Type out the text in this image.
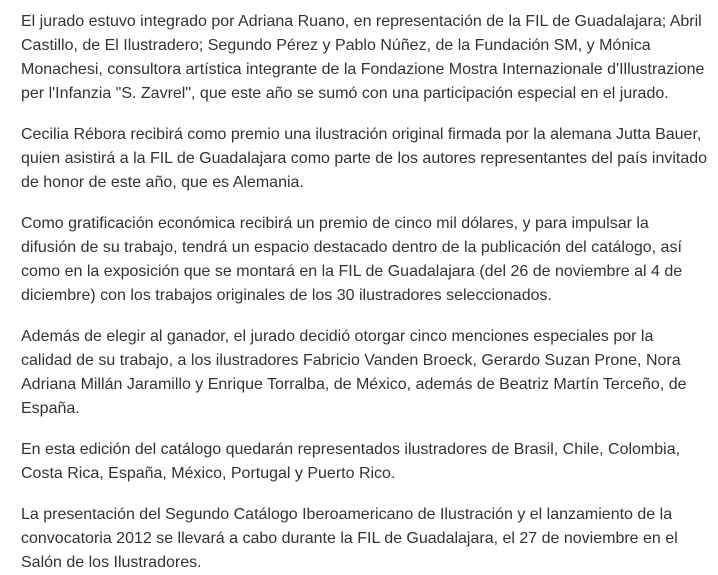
El jurado estuvo integrado por Adriana Ruano, en representación de la FIL de Guadalajara; Abril Castillo, de El Ilustradero; Segundo Pérez y Pablo Núñez, de la Fundación SM, y Mónica Monachesi, consultora artística integrante de la Fondazione Mostra Internazionale d'Illustrazione per l'Infanzia "S. Zavrel", que este año se sumó con una participación especial en el jurado.

Cecilia Rébora recibirá como premio una ilustración original firmada por la alemana Jutta Bauer, quien asistirá a la FIL de Guadalajara como parte de los autores representantes del país invitado de honor de este año, que es Alemania.

Como gratificación económica recibirá un premio de cinco mil dólares, y para impulsar la difusión de su trabajo, tendrá un espacio destacado dentro de la publicación del catálogo, así como en la exposición que se montará en la FIL de Guadalajara (del 26 de noviembre al 4 de diciembre) con los trabajos originales de los 30 ilustradores seleccionados.

Además de elegir al ganador, el jurado decidió otorgar cinco menciones especiales por la calidad de su trabajo, a los ilustradores Fabricio Vanden Broeck, Gerardo Suzan Prone, Nora Adriana Millán Jaramillo y Enrique Torralba, de México, además de Beatriz Martín Terceño, de España.

En esta edición del catálogo quedarán representados ilustradores de Brasil, Chile, Colombia, Costa Rica, España, México, Portugal y Puerto Rico.

La presentación del Segundo Catálogo Iberoamericano de Ilustración y el lanzamiento de la convocatoria 2012 se llevará a cabo durante la FIL de Guadalajara, el 27 de noviembre en el Salón de los Ilustradores.
